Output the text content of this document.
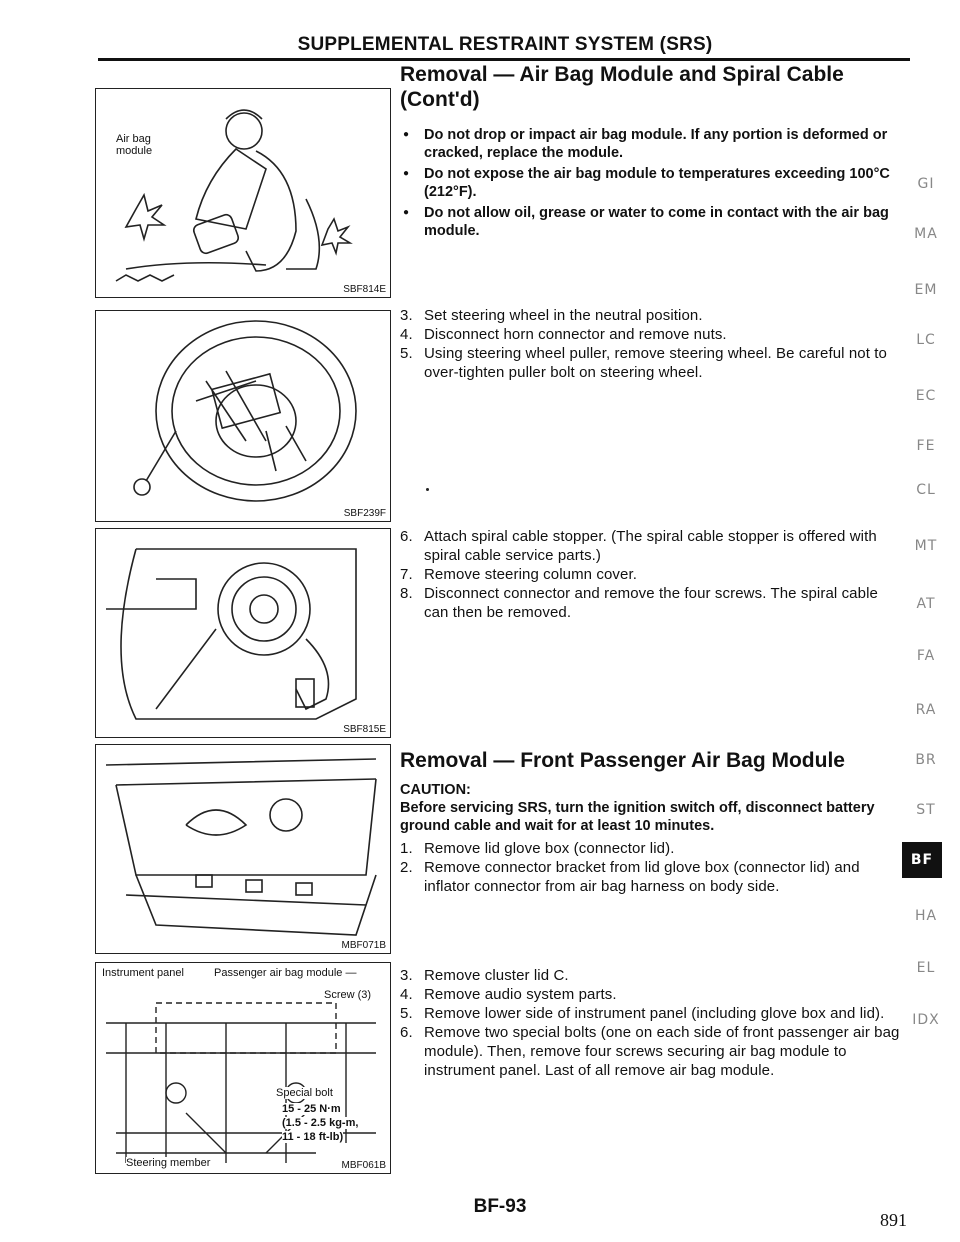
SUPPLEMENTAL RESTRAINT SYSTEM (SRS)
Air bag
module
SBF814E
SBF239F
SBF815E
MBF071B
Instrument panel	Passenger air bag module —
Screw (3)
Special bolt
15 - 25 N·m
(1.5 - 2.5 kg-m,
11 - 18 ft-lb)
Steering member	MBF061B
Removal — Air Bag Module and Spiral Cable
(Cont'd)
● Do not drop or impact air bag module. If any portion is deformed or cracked, replace the module.
● Do not expose the air bag module to temperatures exceeding 100°C (212°F).
● Do not allow oil, grease or water to come in contact with the air bag module.
3. Set steering wheel in the neutral position.
4. Disconnect horn connector and remove nuts.
5. Using steering wheel puller, remove steering wheel. Be careful not to over-tighten puller bolt on steering wheel.
6. Attach spiral cable stopper. (The spiral cable stopper is offered with spiral cable service parts.)
7. Remove steering column cover.
8. Disconnect connector and remove the four screws. The spiral cable can then be removed.
Removal — Front Passenger Air Bag Module
CAUTION:
Before servicing SRS, turn the ignition switch off, disconnect battery ground cable and wait for at least 10 minutes.
1. Remove lid glove box (connector lid).
2. Remove connector bracket from lid glove box (connector lid) and inflator connector from air bag harness on body side.
3. Remove cluster lid C.
4. Remove audio system parts.
5. Remove lower side of instrument panel (including glove box and lid).
6. Remove two special bolts (one on each side of front passenger air bag module). Then, remove four screws securing air bag module to instrument panel. Last of all remove air bag module.
GI
MA
EM
LC
EC
FE
CL
MT
AT
FA
RA
BR
ST
BF
HA
EL
IDX
BF-93
891
